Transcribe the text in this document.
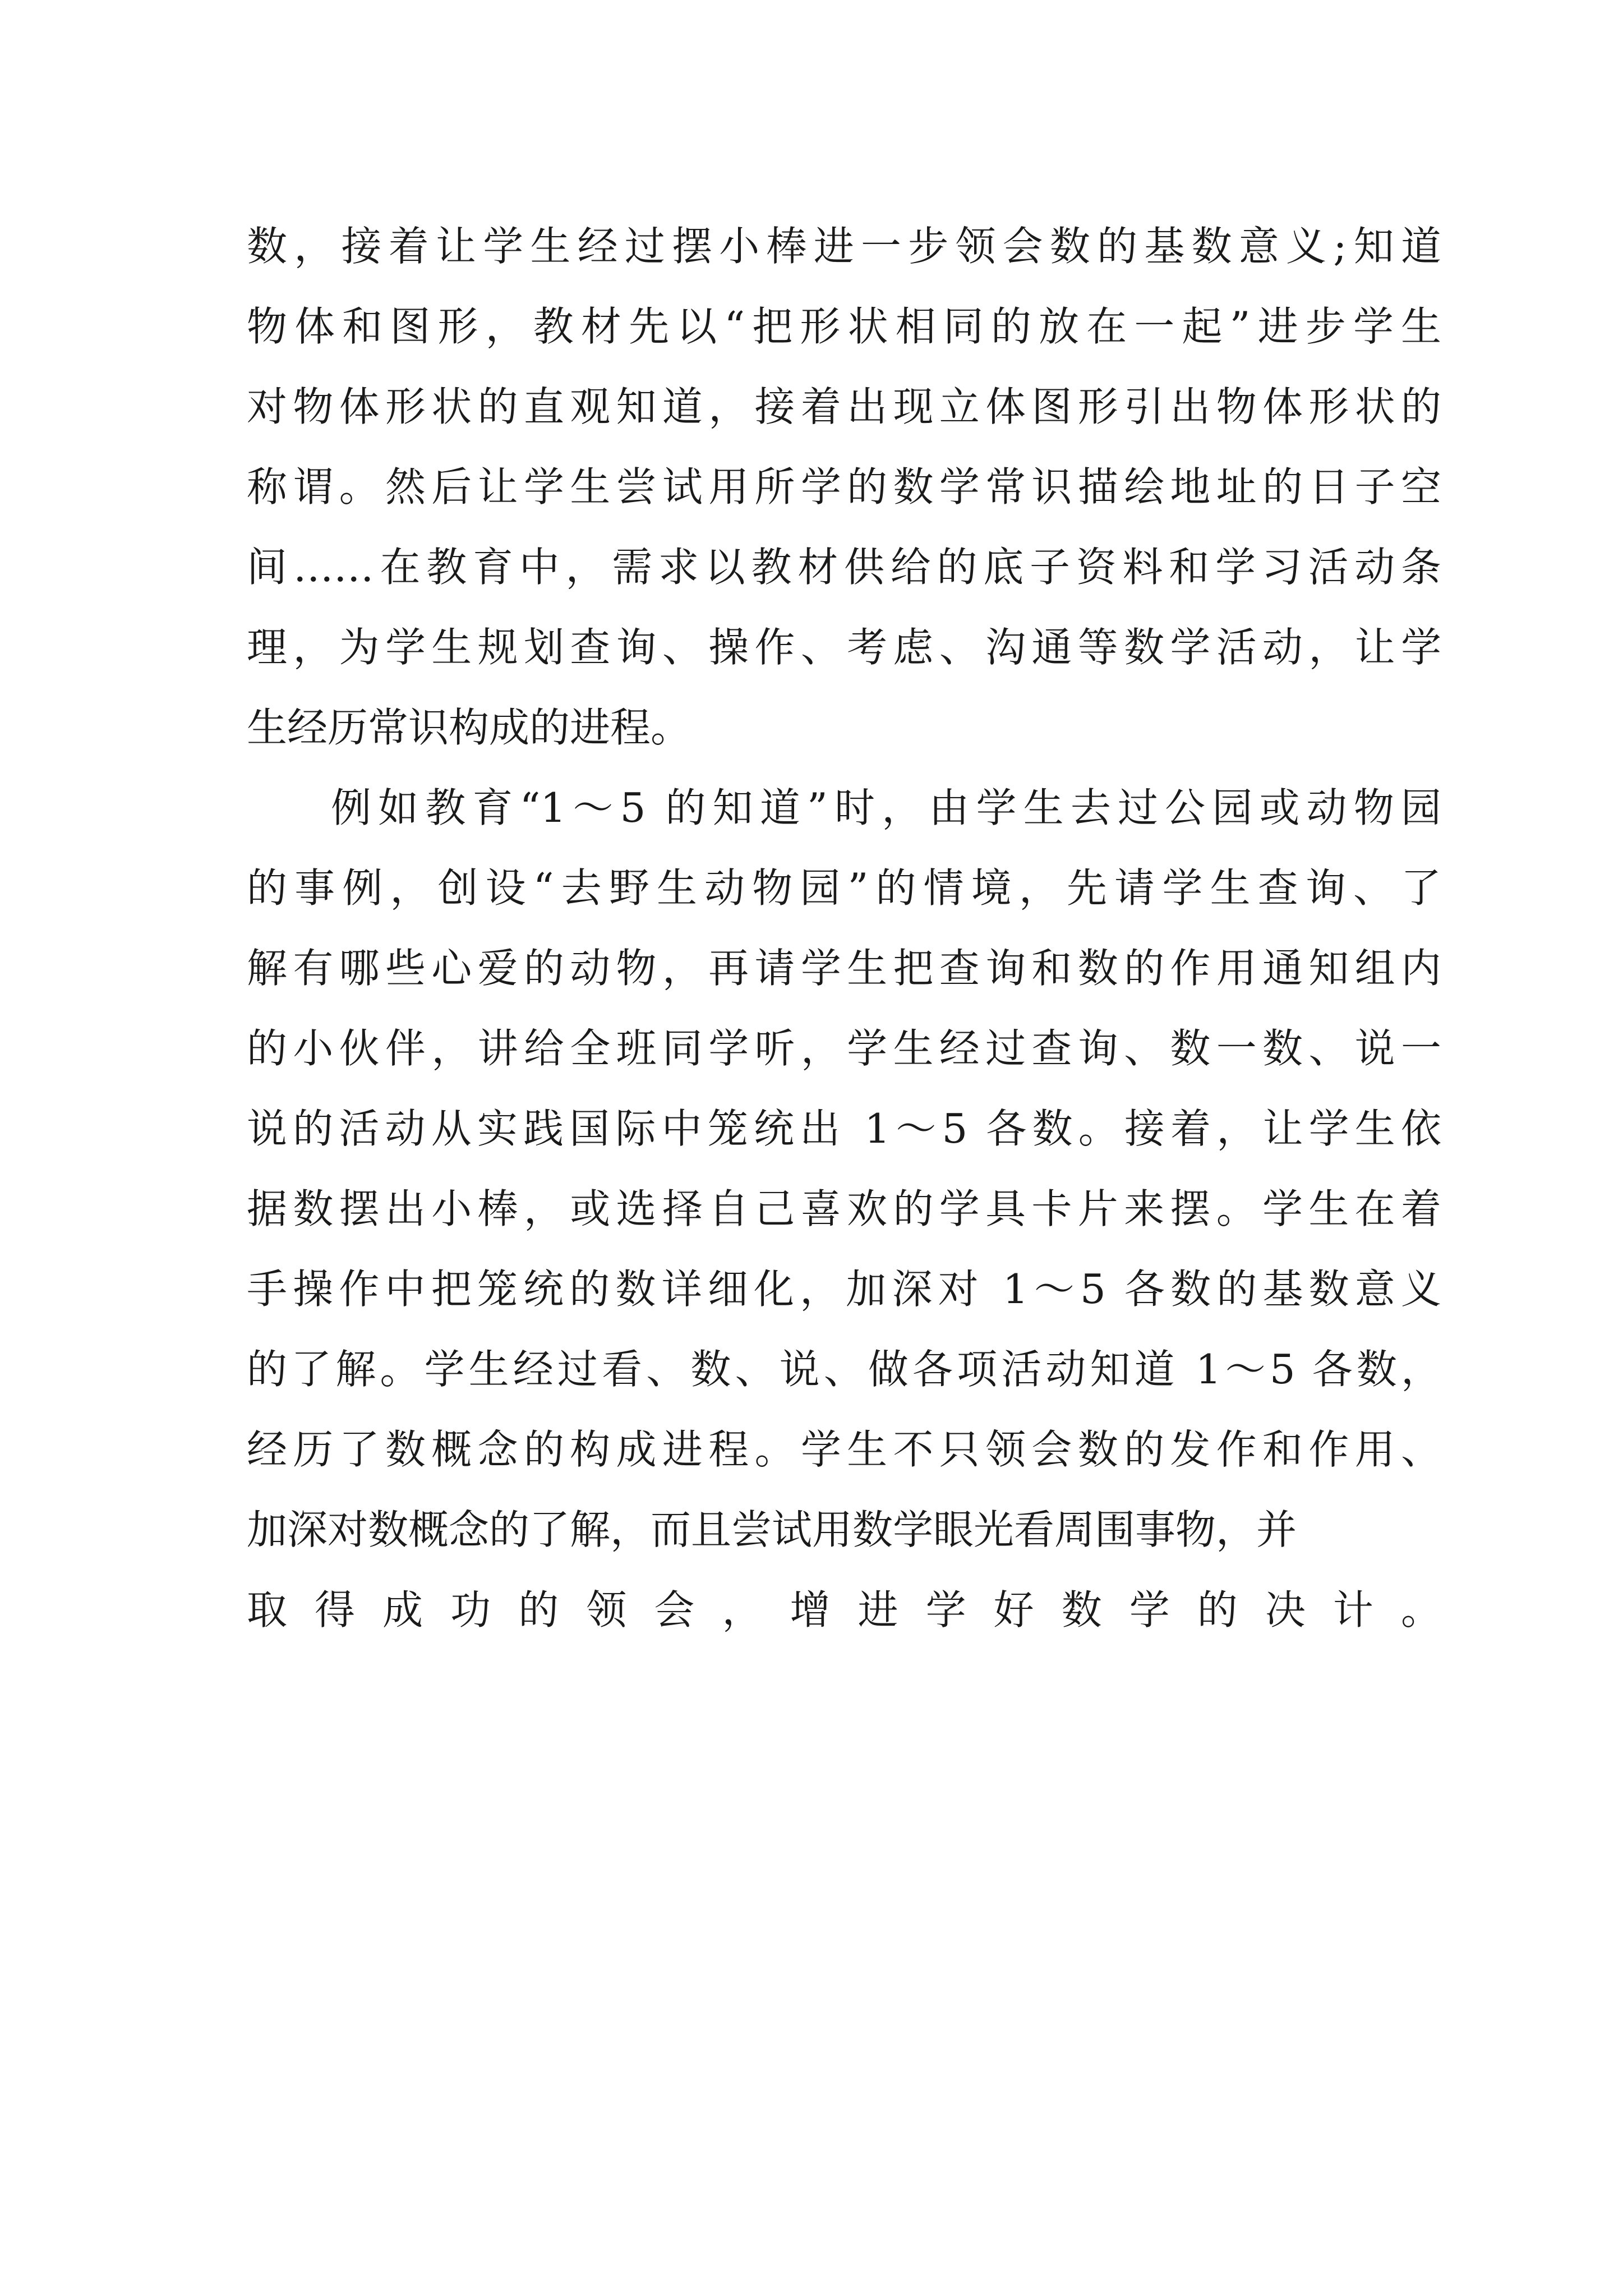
数，接着让学生经过摆小棒进一步领会数的基数意义;知道
物体和图形，教材先以“把形状相同的放在一起”进步学生
对物体形状的直观知道，接着出现立体图形引出物体形状的
称谓。然后让学生尝试用所学的数学常识描绘地址的日子空
间……在教育中，需求以教材供给的底子资料和学习活动条
理，为学生规划查询、操作、考虑、沟通等数学活动，让学
生经历常识构成的进程。
例如教育“1～5 的知道”时，由学生去过公园或动物园
的事例，创设“去野生动物园”的情境，先请学生查询、了
解有哪些心爱的动物，再请学生把查询和数的作用通知组内
的小伙伴，讲给全班同学听，学生经过查询、数一数、说一
说的活动从实践国际中笼统出 1～5 各数。接着，让学生依
据数摆出小棒，或选择自己喜欢的学具卡片来摆。学生在着
手操作中把笼统的数详细化，加深对 1～5 各数的基数意义
的了解。学生经过看、数、说、做各项活动知道 1～5 各数，
经历了数概念的构成进程。学生不只领会数的发作和作用、
加深对数概念的了解，而且尝试用数学眼光看周围事物，并
取得成功的领会，增进学好数学的决计。
